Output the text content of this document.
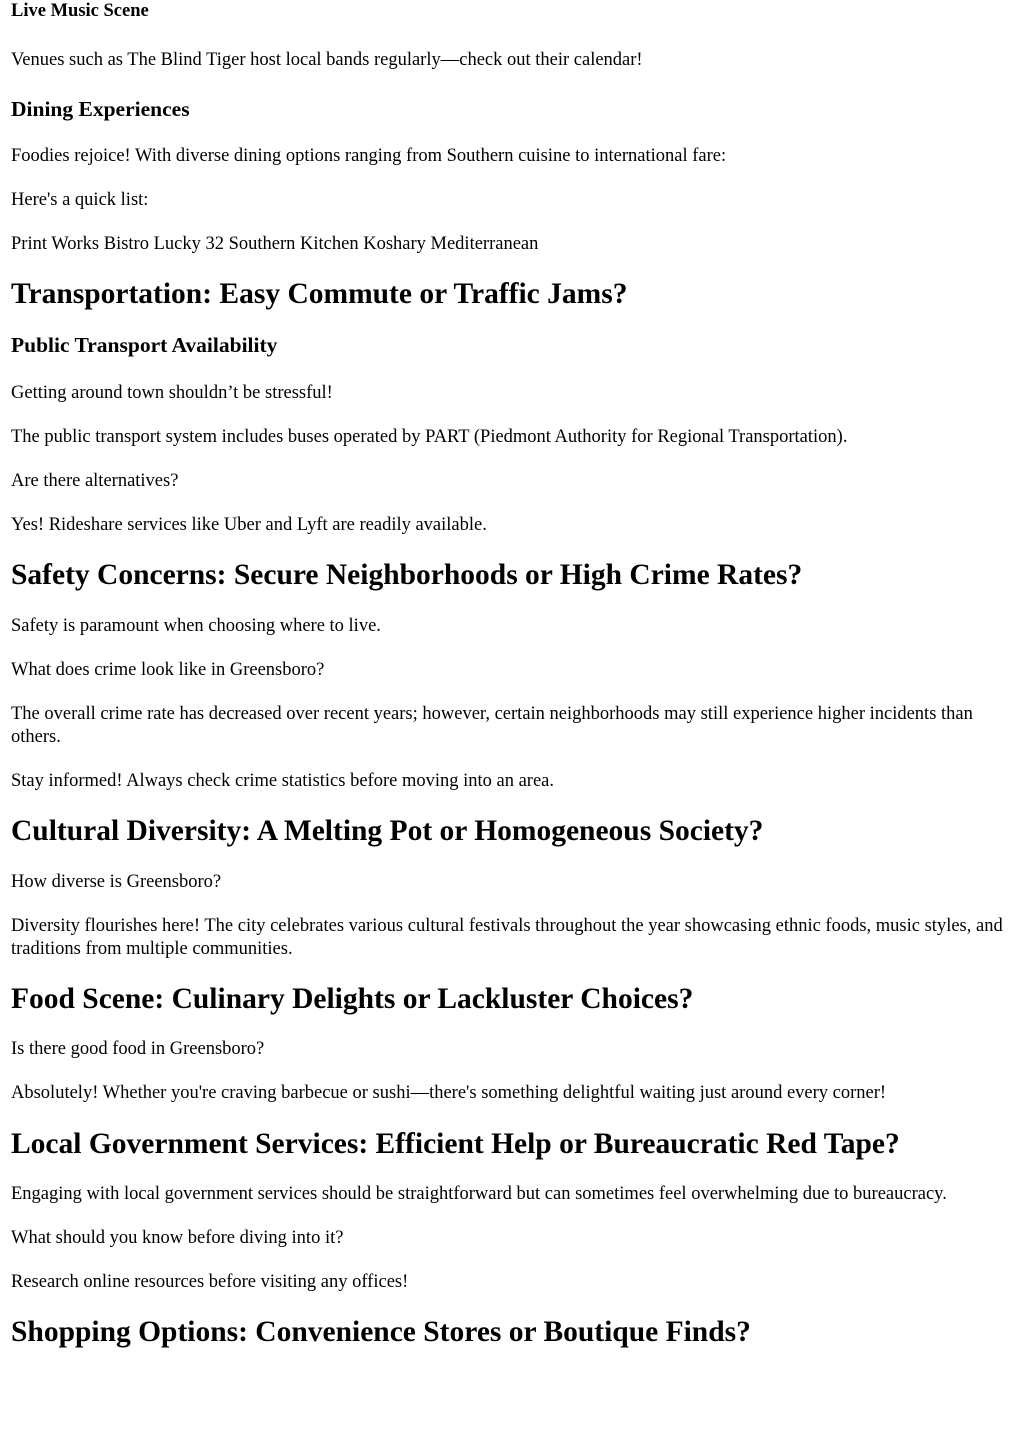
Live Music Scene

Venues such as The Blind Tiger host local bands regularly—check out their calendar!

Dining Experiences

Foodies rejoice! With diverse dining options ranging from Southern cuisine to international fare:

Here's a quick list:

Print Works Bistro Lucky 32 Southern Kitchen Koshary Mediterranean

Transportation: Easy Commute or Traffic Jams?
Public Transport Availability

Getting around town shouldn’t be stressful!

The public transport system includes buses operated by PART (Piedmont Authority for Regional Transportation).

Are there alternatives?

Yes! Rideshare services like Uber and Lyft are readily available.

Safety Concerns: Secure Neighborhoods or High Crime Rates?

Safety is paramount when choosing where to live.

What does crime look like in Greensboro?

The overall crime rate has decreased over recent years; however, certain neighborhoods may still experience higher incidents than others.

Stay informed! Always check crime statistics before moving into an area.

Cultural Diversity: A Melting Pot or Homogeneous Society?

How diverse is Greensboro?

Diversity flourishes here! The city celebrates various cultural festivals throughout the year showcasing ethnic foods, music styles, and traditions from multiple communities.

Food Scene: Culinary Delights or Lackluster Choices?

Is there good food in Greensboro?

Absolutely! Whether you're craving barbecue or sushi—there's something delightful waiting just around every corner!

Local Government Services: Efficient Help or Bureaucratic Red Tape?

Engaging with local government services should be straightforward but can sometimes feel overwhelming due to bureaucracy.

What should you know before diving into it?

Research online resources before visiting any offices!

Shopping Options: Convenience Stores or Boutique Finds?
